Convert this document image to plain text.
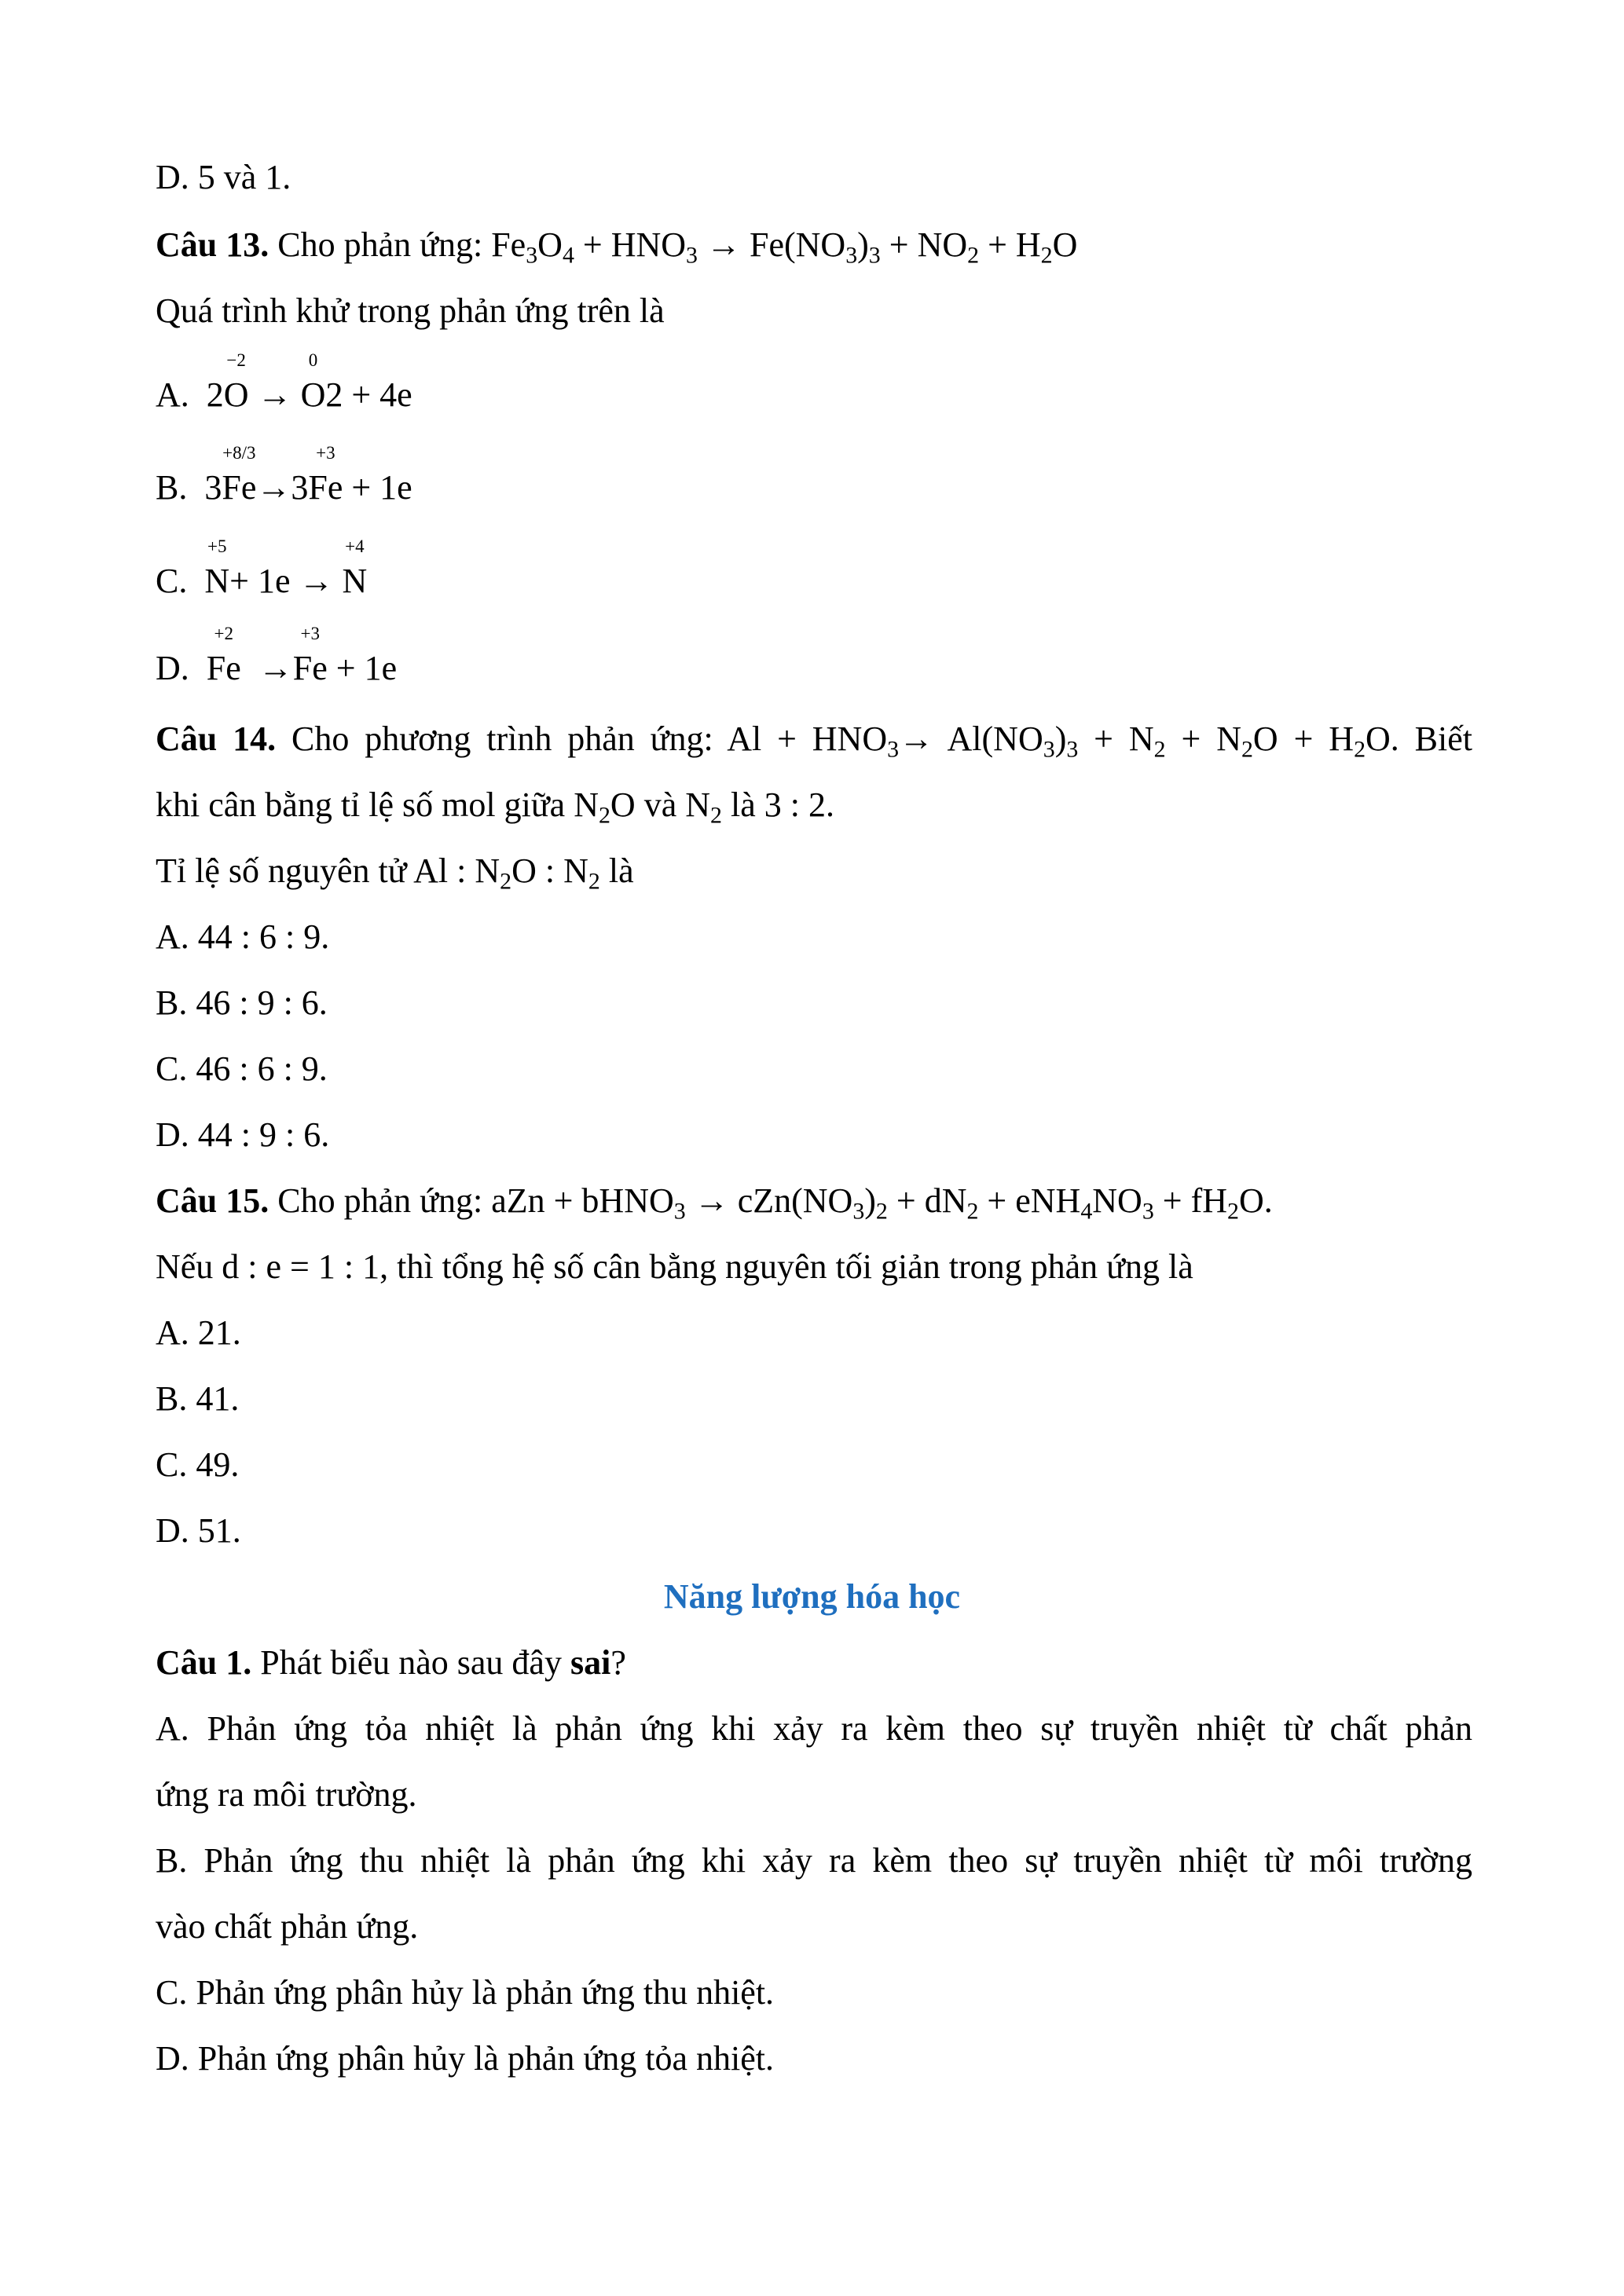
D. 5 và 1.
Câu 13. Cho phản ứng: $Fe_3O_4 + HNO_3 \to Fe(NO_3)_3 + NO_2 + H_2O$
Quá trình khử trong phản ứng trên là
A. 2O
−2
→ O
0
2 + 4e
B. 3Fe
+8/3
→3Fe
+3
+ 1e
C. N
+5
+ 1e → N
+4
D. Fe
+2
→Fe
+3
+ 1e
Câu 14. Cho phương trình phản ứng: $Al + HNO_3\to Al(NO_3)_3 + N_2 + N_2O + H_2O$. Biết
khi cân bằng tỉ lệ số mol giữa $N_2O$ và $N_2$ là 3 : 2.
Tỉ lệ số nguyên tử Al : $N_2O$ : $N_2$ là
A. 44 : 6 : 9.
B. 46 : 9 : 6.
C. 46 : 6 : 9.
D. 44 : 9 : 6.
Câu 15. Cho phản ứng: aZn + bHNO$_3$ → $cZn(NO_3)_2 + dN_2 + eNH_4NO_3 + fH_2O$.
Nếu d : e = 1 : 1, thì tổng hệ số cân bằng nguyên tối giản trong phản ứng là
A. 21.
B. 41.
C. 49.
D. 51.
Năng lượng hóa học
Câu 1. Phát biểu nào sau đây sai?
A. Phản ứng tỏa nhiệt là phản ứng khi xảy ra kèm theo sự truyền nhiệt từ chất phản
ứng ra môi trường.
B. Phản ứng thu nhiệt là phản ứng khi xảy ra kèm theo sự truyền nhiệt từ môi trường
vào chất phản ứng.
C. Phản ứng phân hủy là phản ứng thu nhiệt.
D. Phản ứng phân hủy là phản ứng tỏa nhiệt.
